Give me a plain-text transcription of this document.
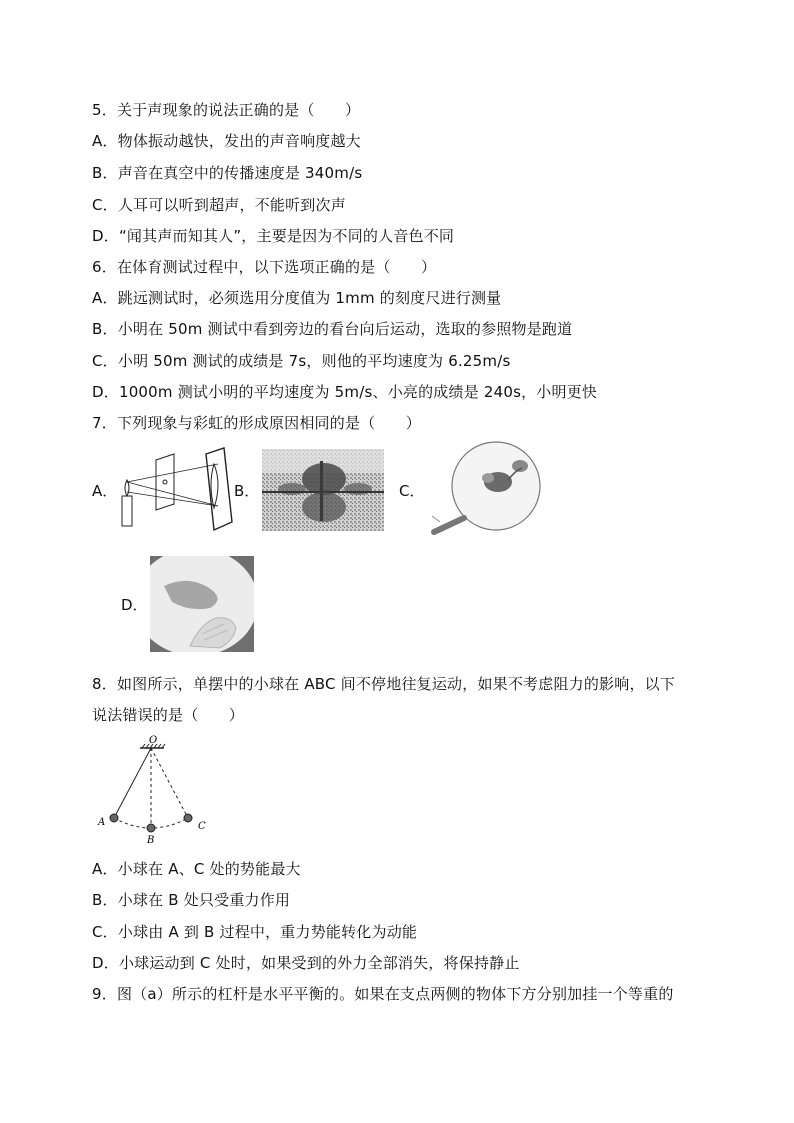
5．关于声现象的说法正确的是（　　）
A．物体振动越快，发出的声音响度越大
B．声音在真空中的传播速度是 340m/s
C．人耳可以听到超声，不能听到次声
D．“闻其声而知其人”，主要是因为不同的人音色不同
6．在体育测试过程中，以下选项正确的是（　　）
A．跳远测试时，必须选用分度值为 1mm 的刻度尺进行测量
B．小明在 50m 测试中看到旁边的看台向后运动，选取的参照物是跑道
C．小明 50m 测试的成绩是 7s，则他的平均速度为 6.25m/s
D．1000m 测试小明的平均速度为 5m/s、小亮的成绩是 240s，小明更快
7．下列现象与彩虹的形成原因相同的是（　　）
A．	B．	C．
D．
8．如图所示，单摆中的小球在 ABC 间不停地往复运动，如果不考虑阻力的影响，以下
说法错误的是（　　）
O
A
B
C
A．小球在 A、C 处的势能最大
B．小球在 B 处只受重力作用
C．小球由 A 到 B 过程中，重力势能转化为动能
D．小球运动到 C 处时，如果受到的外力全部消失，将保持静止
9．图（a）所示的杠杆是水平平衡的。如果在支点两侧的物体下方分别加挂一个等重的
